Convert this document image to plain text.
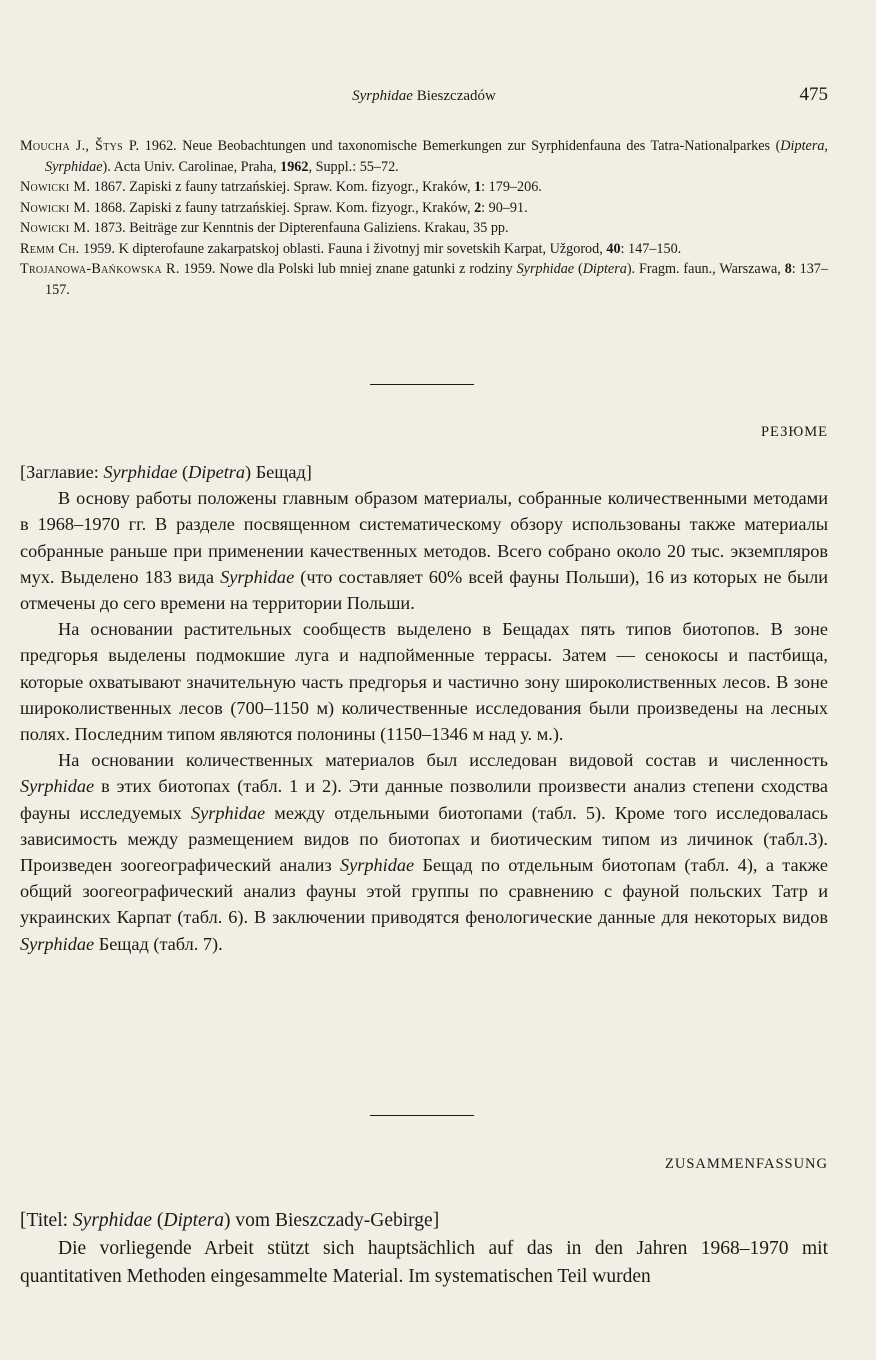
Syrphidae Bieszczadów	475
Moucha J., Štys P. 1962. Neue Beobachtungen und taxonomische Bemerkungen zur Syrphidenfauna des Tatra-Nationalparkes (Diptera, Syrphidae). Acta Univ. Carolinae, Praha, 1962, Suppl.: 55–72.
Nowicki M. 1867. Zapiski z fauny tatrzańskiej. Spraw. Kom. fizyogr., Kraków, 1: 179–206.
Nowicki M. 1868. Zapiski z fauny tatrzańskiej. Spraw. Kom. fizyogr., Kraków, 2: 90–91.
Nowicki M. 1873. Beiträge zur Kenntnis der Dipterenfauna Galiziens. Krakau, 35 pp.
Remm Ch. 1959. K dipterofaune zakarpatskoj oblasti. Fauna i životnyj mir sovetskih Karpat, Užgorod, 40: 147–150.
Trojanowa-Bańkowska R. 1959. Nowe dla Polski lub mniej znane gatunki z rodziny Syrphidae (Diptera). Fragm. faun., Warszawa, 8: 137–157.
РЕЗЮМЕ

[Заглавие: Syrphidae (Dipetra) Бещад]

В основу работы положены главным образом материалы, собранные количественными методами в 1968–1970 гг. В разделе посвященном систематическому обзору использованы также материалы собранные раньше при применении качественных методов. Всего собрано около 20 тыс. экземпляров мух. Выделено 183 вида Syrphidae (что составляет 60% всей фауны Польши), 16 из которых не были отмечены до сего времени на территории Польши.

На основании растительных сообществ выделено в Бещадах пять типов биотопов. В зоне предгорья выделены подмокшие луга и надпойменные террасы. Затем — сенокосы и пастбища, которые охватывают значительную часть предгорья и частично зону широколиственных лесов. В зоне широколиственных лесов (700–1150 м) количественные исследования были произведены на лесных полях. Последним типом являются полонины (1150–1346 м над у. м.).

На основании количественных материалов был исследован видовой состав и численность Syrphidae в этих биотопах (табл. 1 и 2). Эти данные позволили произвести анализ степени сходства фауны исследуемых Syrphidae между отдельными биотопами (табл. 5). Кроме того исследовалась зависимость между размещением видов по биотопах и биотическим типом из личинок (табл.3). Произведен зоогеографический анализ Syrphidae Бещад по отдельным биотопам (табл. 4), а также общий зоогеографический анализ фауны этой группы по сравнению с фауной польских Татр и украинских Карпат (табл. 6). В заключении приводятся фенологические данные для некоторых видов Syrphidae Бещад (табл. 7).

ZUSAMMENFASSUNG

[Titel: Syrphidae (Diptera) vom Bieszczady-Gebirge]

Die vorliegende Arbeit stützt sich hauptsächlich auf das in den Jahren 1968–1970 mit quantitativen Methoden eingesammelte Material. Im systematischen Teil wurden
